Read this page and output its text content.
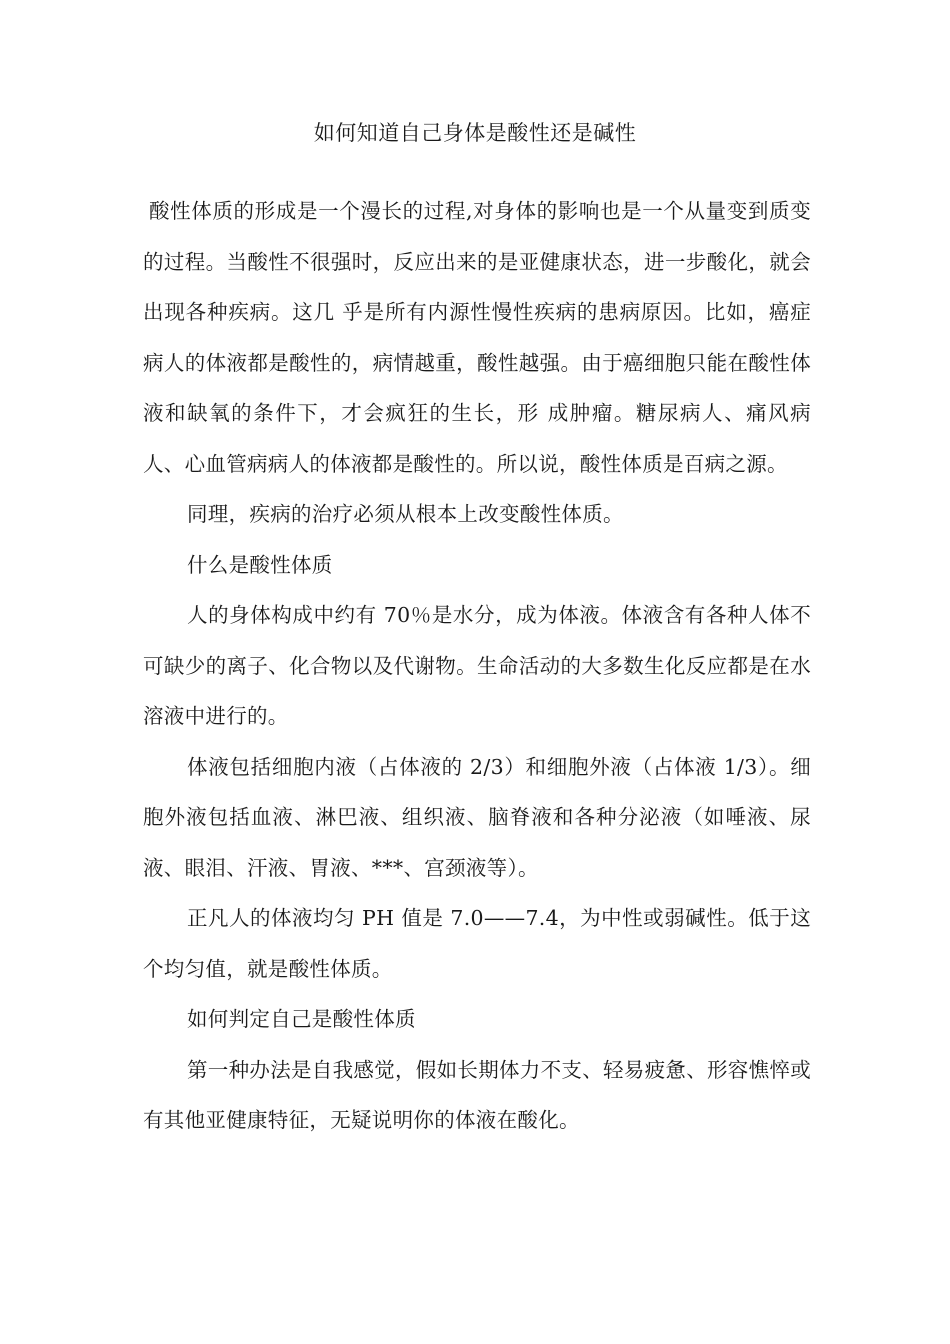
如何知道自己身体是酸性还是碱性

酸性体质的形成是一个漫长的过程,对身体的影响也是一个从量变到质变的过程。当酸性不很强时，反应出来的是亚健康状态，进一步酸化，就会出现各种疾病。这几 乎是所有内源性慢性疾病的患病原因。比如，癌症病人的体液都是酸性的，病情越重，酸性越强。由于癌细胞只能在酸性体液和缺氧的条件下，才会疯狂的生长，形 成肿瘤。糖尿病人、痛风病人、心血管病病人的体液都是酸性的。所以说，酸性体质是百病之源。

同理，疾病的治疗必须从根本上改变酸性体质。

什么是酸性体质

人的身体构成中约有 70％是水分，成为体液。体液含有各种人体不可缺少的离子、化合物以及代谢物。生命活动的大多数生化反应都是在水溶液中进行的。

体液包括细胞内液（占体液的 2/3）和细胞外液（占体液 1/3）。细胞外液包括血液、淋巴液、组织液、脑脊液和各种分泌液（如唾液、尿液、眼泪、汗液、胃液、***、宫颈液等）。

正凡人的体液均匀 PH 值是 7.0——7.4，为中性或弱碱性。低于这个均匀值，就是酸性体质。

如何判定自己是酸性体质

第一种办法是自我感觉，假如长期体力不支、轻易疲惫、形容憔悴或有其他亚健康特征，无疑说明你的体液在酸化。
